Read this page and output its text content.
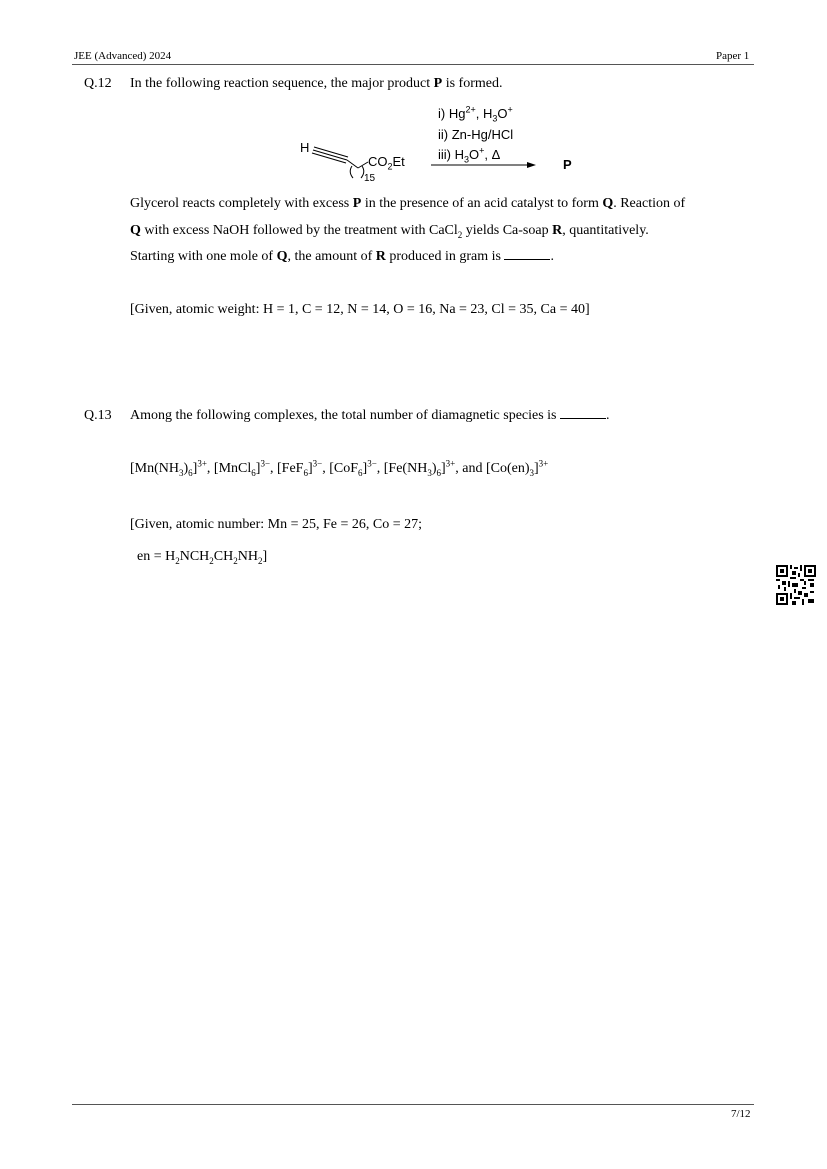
JEE (Advanced) 2024	Paper 1
Q.12 In the following reaction sequence, the major product P is formed.
H
$CO_2Et$
15
i) $Hg^{2+}$, $H_3O^+$
ii) Zn-Hg/HCl
iii) $H_3O^+$, Δ
P
Glycerol reacts completely with excess P in the presence of an acid catalyst to form Q. Reaction of
Q with excess NaOH followed by the treatment with CaCl$_2$ yields Ca-soap R, quantitatively.
Starting with one mole of Q, the amount of R produced in gram is	.
[Given, atomic weight: H = 1, C = 12, N = 14, O = 16, Na = 23, Cl = 35, Ca = 40]
Q.13 Among the following complexes, the total number of diamagnetic species is	.
$[Mn(NH_3)_6]^{3+}$, [MnCl$_6$]$^{3-}$, $[FeF_6]^{3-}$, $[CoF_6]^{3-}$, $[Fe(NH_3)_6]^{3+}$, and $[Co(en)_3]^{3+}$
[Given, atomic number: Mn = 25, Fe = 26, Co = 27;
en = $H_2NCH_2CH_2NH_2$]
7/12
